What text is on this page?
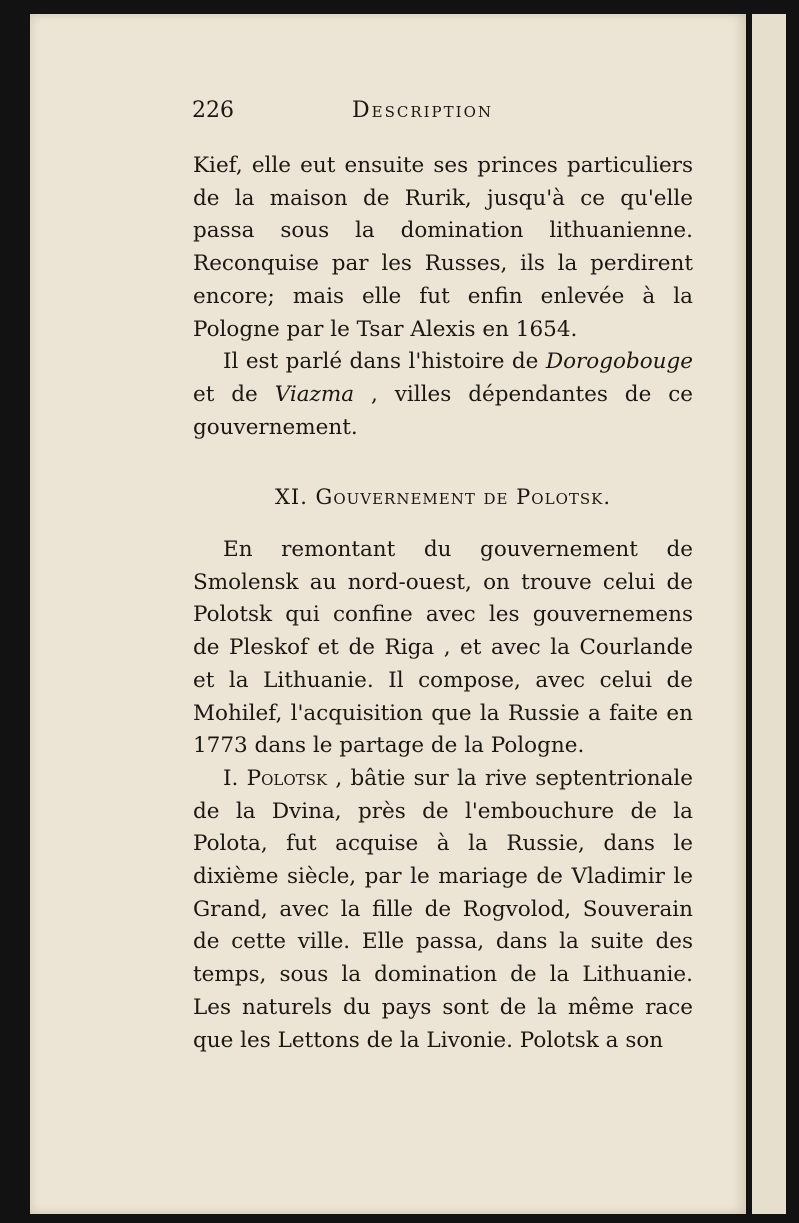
226	Description

Kief, elle eut ensuite ses princes particuliers de la maison de Rurik, jusqu'à ce qu'elle passa sous la domination lithuanienne. Reconquise par les Russes, ils la perdirent encore; mais elle fut enfin enlevée à la Pologne par le Tsar Alexis en 1654.

Il est parlé dans l'histoire de Dorogobouge et de Viazma , villes dépendantes de ce gouvernement.

XI. Gouvernement de Polotsk.

En remontant du gouvernement de Smolensk au nord-ouest, on trouve celui de Polotsk qui confine avec les gouvernemens de Pleskof et de Riga , et avec la Courlande et la Lithuanie. Il compose, avec celui de Mohilef, l'acquisition que la Russie a faite en 1773 dans le partage de la Pologne.

I. Polotsk , bâtie sur la rive septentrionale de la Dvina, près de l'embouchure de la Polota, fut acquise à la Russie, dans le dixième siècle, par le mariage de Vladimir le Grand, avec la fille de Rogvolod, Souverain de cette ville. Elle passa, dans la suite des temps, sous la domination de la Lithuanie. Les naturels du pays sont de la même race que les Lettons de la Livonie. Polotsk a son
